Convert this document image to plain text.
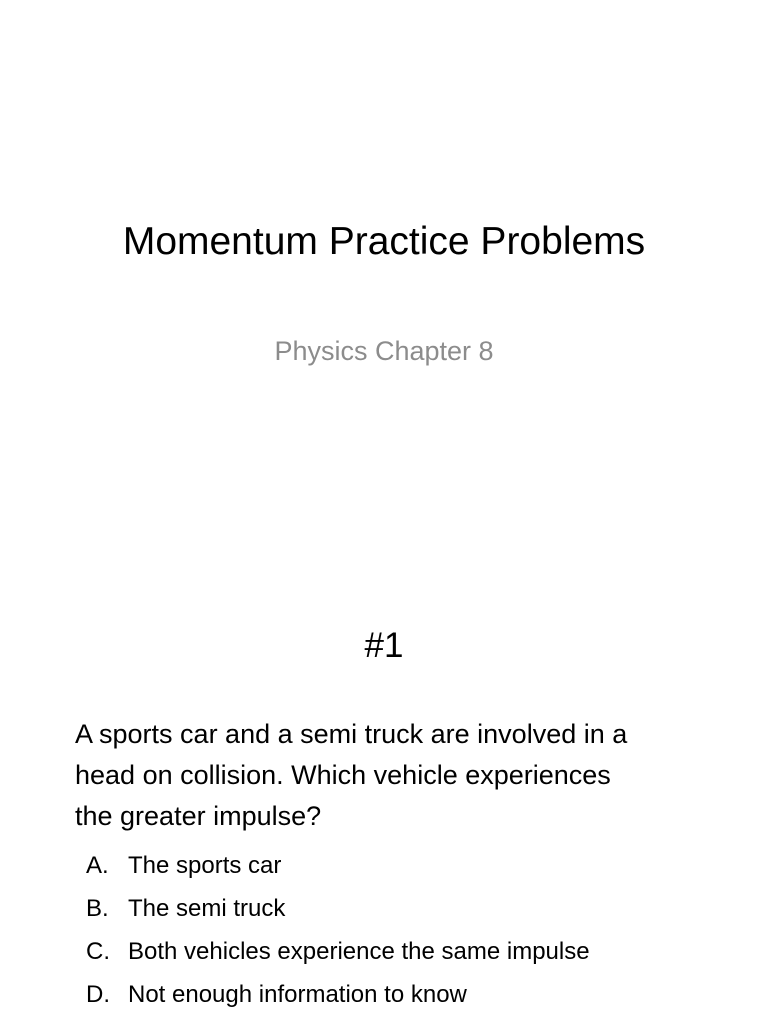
Momentum Practice Problems
Physics Chapter 8
#1
A sports car and a semi truck are involved in a
head on collision. Which vehicle experiences
the greater impulse?
A. The sports car
B. The semi truck
C. Both vehicles experience the same impulse
D. Not enough information to know
